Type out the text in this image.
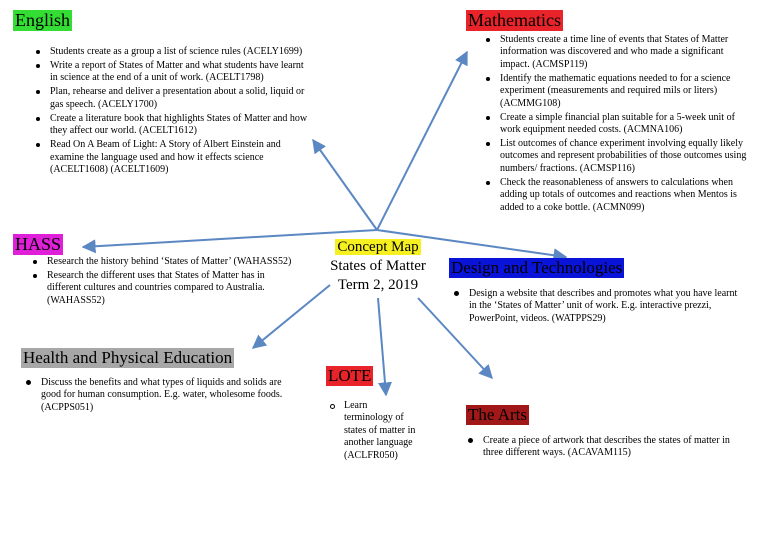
Concept Map
States of Matter
Term 2, 2019
English
Students create as a group a list of science rules (ACELY1699)
Write a report of States of Matter and what students have learnt in science at the end of a unit of work. (ACELT1798)
Plan, rehearse and deliver a presentation about a solid, liquid or gas speech. (ACELY1700)
Create a literature book that highlights States of Matter and how they affect our world. (ACELT1612)
Read On A Beam of Light: A Story of Albert Einstein and examine the language used and how it effects science (ACELT1608) (ACELT1609)
Mathematics
Students create a time line of events that States of Matter information was discovered and who made a significant impact. (ACMSP119)
Identify the mathematic equations needed to for a science experiment (measurements and required mils or liters) (ACMMG108)
Create a simple financial plan suitable for a 5-week unit of work equipment needed costs. (ACMNA106)
List outcomes of chance experiment involving equally likely outcomes and represent probabilities of those outcomes using numbers/ fractions. (ACMSP116)
Check the reasonableness of answers to calculations when adding up totals of outcomes and reactions when Mentos is added to a coke bottle. (ACMN099)
HASS
Research the history behind ‘States of Matter’ (WAHASS52)
Research the different uses that States of Matter has in different cultures and countries compared to Australia. (WAHASS52)
Design and Technologies
Design a website that describes and promotes what you have learnt in the ‘States of Matter’ unit of work. E.g. interactive prezzi, PowerPoint, videos. (WATPPS29)
Health and Physical Education
Discuss the benefits and what types of liquids and solids are good for human consumption. E.g. water, wholesome foods. (ACPPS051)
LOTE
Learn terminology of states of matter in another language (ACLFR050)
The Arts
Create a piece of artwork that describes the states of matter in three different ways. (ACAVAM115)
